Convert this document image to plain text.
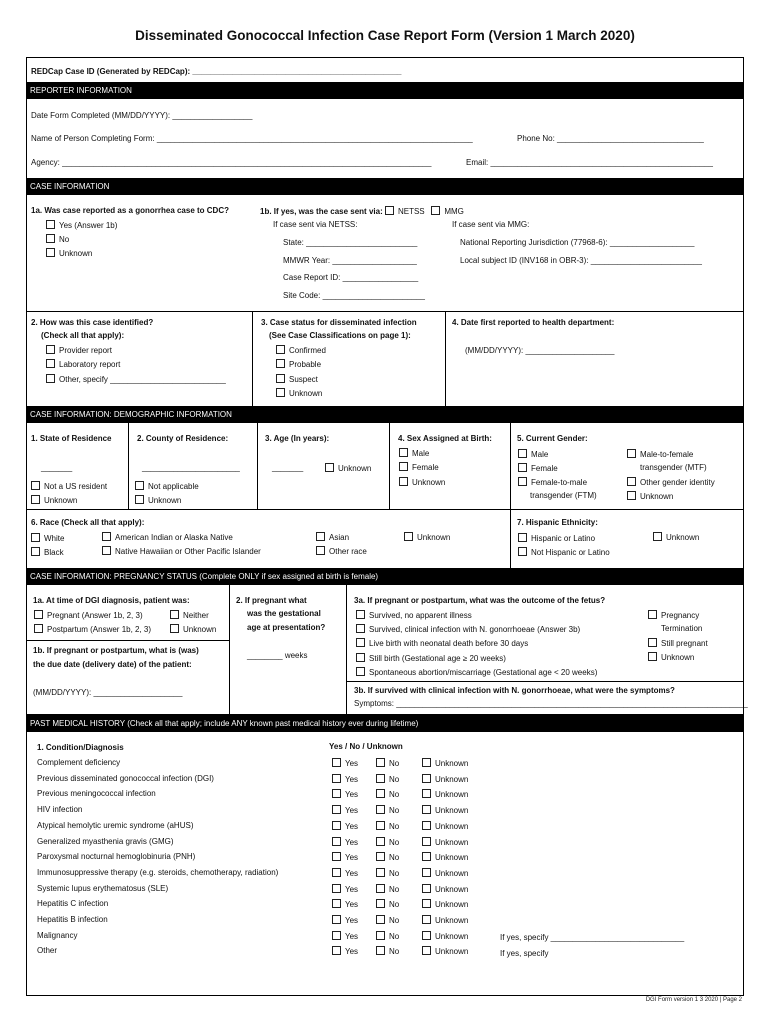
Disseminated Gonococcal Infection Case Report Form (Version 1 March 2020)
REDCap Case ID (Generated by REDCap): _______________________________________________
REPORTER INFORMATION
Date Form Completed (MM/DD/YYYY): __________________
Name of Person Completing Form: _______________________________________________________________________	Phone No: _________________________________
Agency: ___________________________________________________________________________________	Email: __________________________________________________
CASE INFORMATION
1a. Was case reported as a gonorrhea case to CDC?
Yes (Answer 1b)
No
Unknown
1b. If yes, was the case sent via: NETSS MMG
If case sent via NETSS:	If case sent via MMG:
State: _________________________
MMWR Year: ___________________
Case Report ID: _________________
Site Code: _______________________
National Reporting Jurisdiction (77968-6): ___________________
Local subject ID (INV168 in OBR-3): _________________________
2. How was this case identified?
(Check all that apply):
Provider report
Laboratory report
Other, specify __________________________
3. Case status for disseminated infection
(See Case Classifications on page 1):
Confirmed
Probable
Suspect
Unknown
4. Date first reported to health department:
(MM/DD/YYYY): ____________________
CASE INFORMATION: DEMOGRAPHIC INFORMATION
1. State of Residence
_______
Not a US resident
Unknown
2. County of Residence:
______________________
Not applicable
Unknown
3. Age (In years):
_______	Unknown
4. Sex Assigned at Birth:
Male
Female
Unknown
5. Current Gender:
Male
Female
Female-to-male
transgender (FTM)
Male-to-female
transgender (MTF)
Other gender identity
Unknown
6. Race (Check all that apply):
White
Black
American Indian or Alaska Native
Native Hawaiian or Other Pacific Islander
Asian
Other race
Unknown
7. Hispanic Ethnicity:
Hispanic or Latino
Not Hispanic or Latino
Unknown
CASE INFORMATION: PREGNANCY STATUS (Complete ONLY if sex assigned at birth is female)
1a. At time of DGI diagnosis, patient was:
Pregnant (Answer 1b, 2, 3)	Neither
Postpartum (Answer 1b, 2, 3)	Unknown
1b. If pregnant or postpartum, what is (was)
the due date (delivery date) of the patient:
(MM/DD/YYYY): ____________________
2. If pregnant what
was the gestational
age at presentation?
________ weeks
3a. If pregnant or postpartum, what was the outcome of the fetus?
Survived, no apparent illness
Survived, clinical infection with N. gonorrhoeae (Answer 3b)
Live birth with neonatal death before 30 days
Still birth (Gestational age ≥ 20 weeks)
Spontaneous abortion/miscarriage (Gestational age < 20 weeks)
Pregnancy
Termination
Still pregnant
Unknown
3b. If survived with clinical infection with N. gonorrhoeae, what were the symptoms?
Symptoms: _______________________________________________________________________________
PAST MEDICAL HISTORY (Check all that apply; include ANY known past medical history ever during lifetime)
1. Condition/Diagnosis	Yes / No / Unknown
Complement deficiency	Yes	No	Unknown
Previous disseminated gonococcal infection (DGI)	Yes	No	Unknown
Previous meningococcal infection	Yes	No	Unknown
HIV infection	Yes	No	Unknown
Atypical hemolytic uremic syndrome (aHUS)	Yes	No	Unknown
Generalized myasthenia gravis (GMG)	Yes	No	Unknown
Paroxysmal nocturnal hemoglobinuria (PNH)	Yes	No	Unknown
Immunosuppressive therapy (e.g. steroids, chemotherapy, radiation)	Yes	No	Unknown
Systemic lupus erythematosus (SLE)	Yes	No	Unknown
Hepatitis C infection	Yes	No	Unknown
Hepatitis B infection	Yes	No	Unknown
Malignancy	Yes	No	Unknown
Other	Yes	No	Unknown
If yes, specify ______________________________
If yes, specify
DGI Form version 1 3 2020 | Page 2
